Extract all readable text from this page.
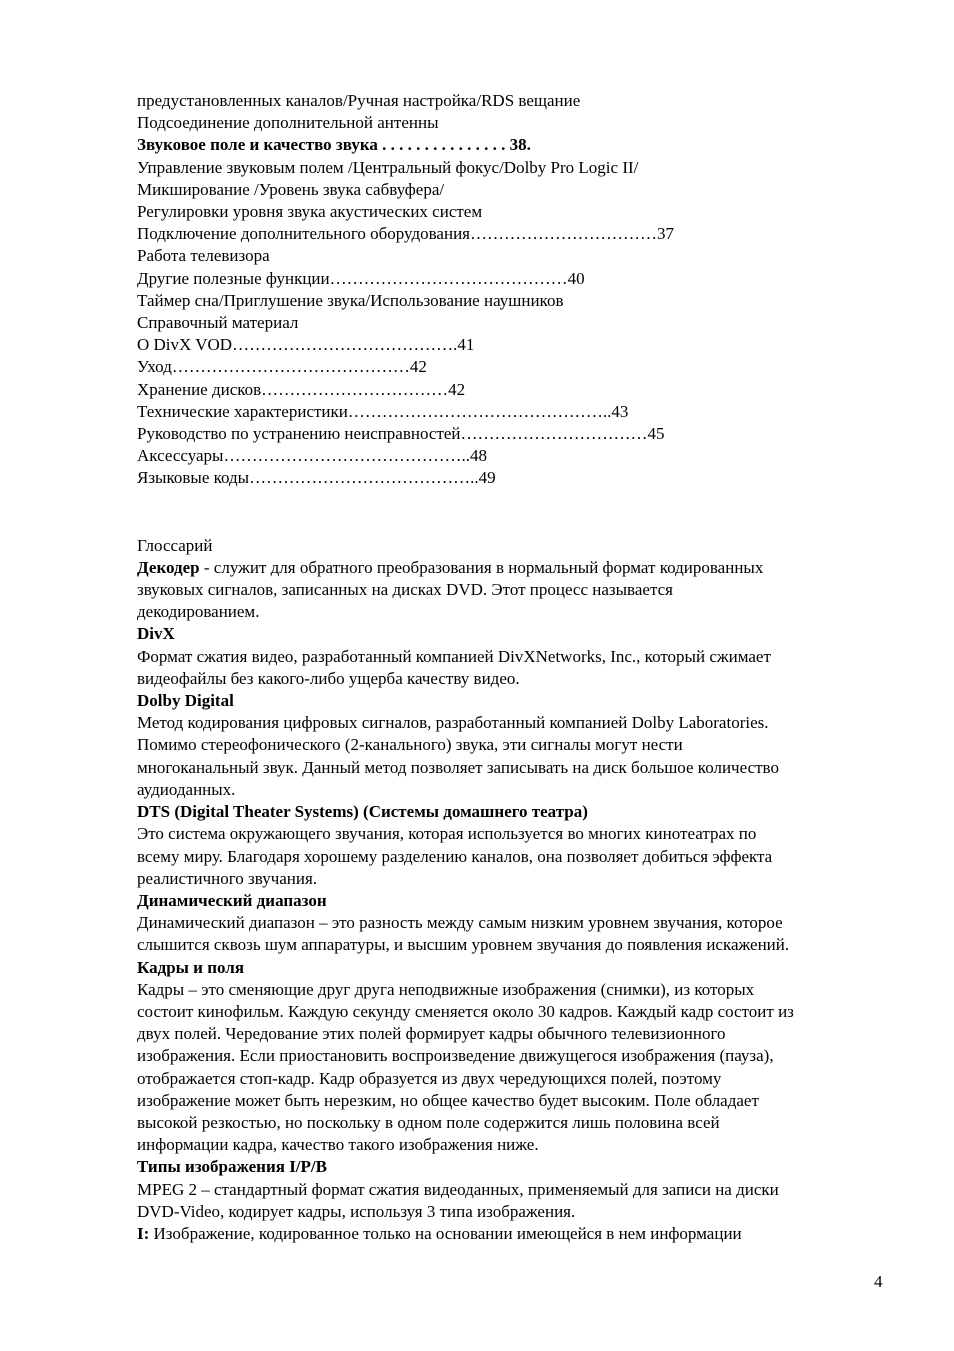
предустановленных каналов/Ручная настройка/RDS вещание
Подсоединение дополнительной антенны
Звуковое поле и качество звука . . . . . . . . . . . . . . . 38.
Управление звуковым полем /Центральный фокус/Dolby Pro Logic II/
Микширование /Уровень звука сабвуфера/
Регулировки уровня звука акустических систем
Подключение дополнительного оборудования……………………………37
Работа телевизора
Другие полезные функции……………………………………40
Таймер сна/Приглушение звука/Использование наушников
Справочный материал
О DivX VOD………………………………….41
Уход……………………………………42
Хранение дисков……………………………42
Технические характеристики………………………………………..43
Руководство по устранению неисправностей……………………………45
Аксессуары……………………………………..48
Языковые коды…………………………………..49
Глоссарий
Декодер - служит для обратного преобразования в нормальный формат кодированных
звуковых сигналов, записанных на дисках DVD. Этот процесс называется
декодированием.
DivX
Формат сжатия видео, разработанный компанией DivXNetworks, Inc., который сжимает
видеофайлы без какого-либо ущерба качеству видео.
Dolby Digital
Метод кодирования цифровых сигналов, разработанный компанией Dolby Laboratories.
Помимо стереофонического (2-канального) звука, эти сигналы могут нести
многоканальный звук. Данный метод позволяет записывать на диск большое количество
аудиоданных.
DTS (Digital Theater Systems) (Системы домашнего театра)
Это система окружающего звучания, которая используется во многих кинотеатрах по
всему миру. Благодаря хорошему разделению каналов, она позволяет добиться эффекта
реалистичного звучания.
Динамический диапазон
Динамический диапазон – это разность между самым низким уровнем звучания, которое
слышится сквозь шум аппаратуры, и высшим уровнем звучания до появления искажений.
Кадры и поля
Кадры – это сменяющие друг друга неподвижные изображения (снимки), из которых
состоит кинофильм. Каждую секунду сменяется около 30 кадров. Каждый кадр состоит из
двух полей. Чередование этих полей формирует кадры обычного телевизионного
изображения. Если приостановить воспроизведение движущегося изображения (пауза),
отображается стоп-кадр. Кадр образуется из двух чередующихся полей, поэтому
изображение может быть нерезким, но общее качество будет высоким. Поле обладает
высокой резкостью, но поскольку в одном поле содержится лишь половина всей
информации кадра, качество такого изображения ниже.
Типы изображения I/P/B
MPEG 2 – стандартный формат сжатия видеоданных, применяемый для записи на диски
DVD-Video, кодирует кадры, используя 3 типа изображения.
I: Изображение, кодированное только на основании имеющейся в нем информации
4
